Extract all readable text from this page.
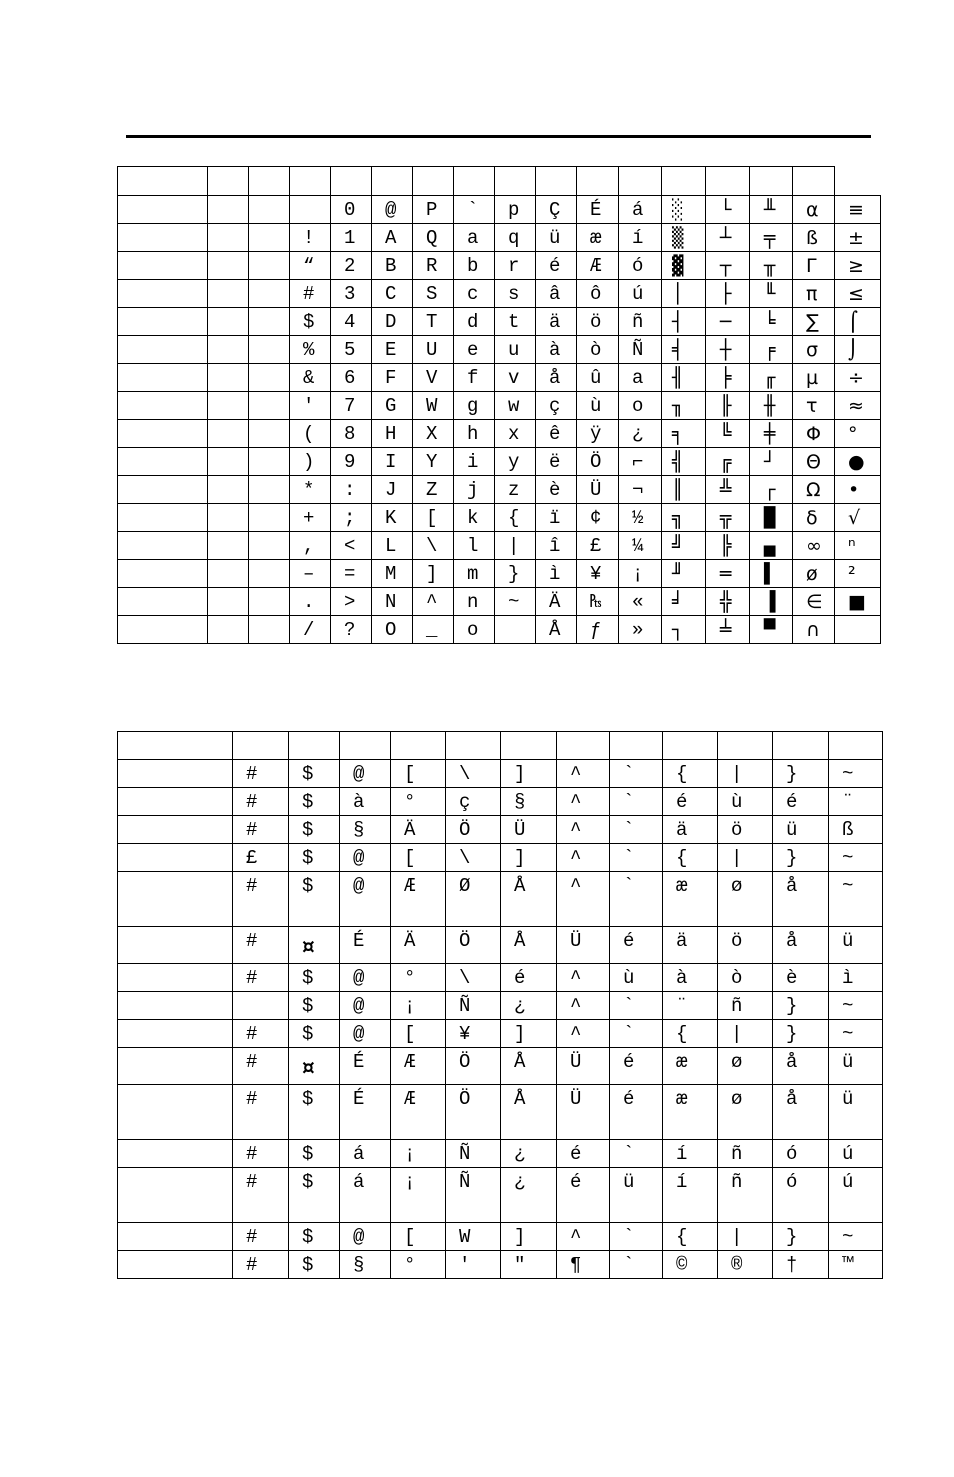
				0	@	P	`	p	Ç	É	á	░	└	╨	α	≡
			!	1	A	Q	a	q	ü	æ	í	▒	┴	╤	ß	±
			“	2	B	R	b	r	é	Æ	ó	▓	┬	╥	Γ	≥
			#	3	C	S	c	s	â	ô	ú	│	├	╙	π	≤
			$	4	D	T	d	t	ä	ö	ñ	┤	─	╘	∑	⌠
			%	5	E	U	e	u	à	ò	Ñ	╡	┼	╒	σ	⌡
			&	6	F	V	f	v	å	û	a	╢	╞	╓	µ	÷
			'	7	G	W	g	w	ç	ù	o	╖	╟	╫	τ	≈
			(	8	H	X	h	x	ê	ÿ	¿	╕	╚	╪	Φ	°
			)	9	I	Y	i	y	ë	Ö	⌐	╣	╔	┘	Θ	●
			*	:	J	Z	j	z	è	Ü	¬	║	╩	┌	Ω	•
			+	;	K	[	k	{	ï	¢	½	╗	╦	█	δ	√
			,	<	L	\	l	|	î	£	¼	╝	╠	▄	∞	ⁿ
			–	=	M	]	m	}	ì	¥	¡	╜	═	▌	ø	²
			.	>	N	^	n	~	Ä	₧	«	╛	╬	▐	∈	■
			/	?	O	_	o		Å	ƒ	»	┐	╧	▀	∩	

	#	$	@	[	\	]	^	`	{	|	}	~
	#	$	à	°	ç	§	^	`	é	ù	é	¨
	#	$	§	Ä	Ö	Ü	^	`	ä	ö	ü	ß
	£	$	@	[	\	]	^	`	{	|	}	~
	#	$	@	Æ	Ø	Å	^	`	æ	ø	å	~
	#	¤	É	Ä	Ö	Å	Ü	é	ä	ö	å	ü
	#	$	@	°	\	é	^	ù	à	ò	è	ì
		$	@	¡	Ñ	¿	^	`	¨	ñ	}	~
	#	$	@	[	¥	]	^	`	{	|	}	~
	#	¤	É	Æ	Ö	Å	Ü	é	æ	ø	å	ü
	#	$	É	Æ	Ö	Å	Ü	é	æ	ø	å	ü
	#	$	á	¡	Ñ	¿	é	`	í	ñ	ó	ú
	#	$	á	¡	Ñ	¿	é	ü	í	ñ	ó	ú
	#	$	@	[	W	]	^	`	{	|	}	~
	#	$	§	°	'	"	¶	`	©	®	†	™
